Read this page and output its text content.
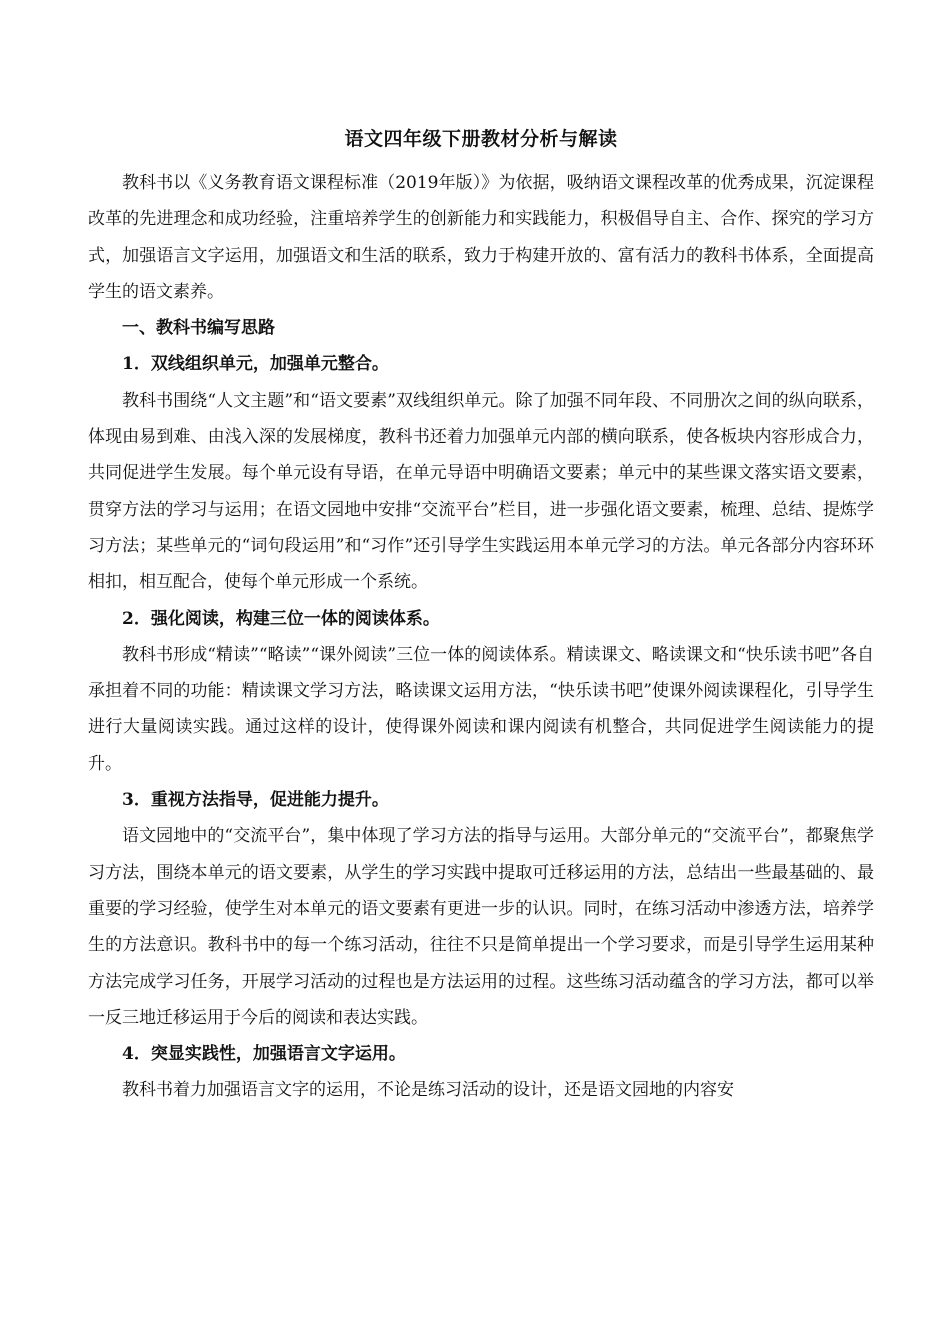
语文四年级下册教材分析与解读

教科书以《义务教育语文课程标准（2019年版）》为依据，吸纳语文课程改革的优秀成果，沉淀课程改革的先进理念和成功经验，注重培养学生的创新能力和实践能力，积极倡导自主、合作、探究的学习方式，加强语言文字运用，加强语文和生活的联系，致力于构建开放的、富有活力的教科书体系，全面提高学生的语文素养。

一、教科书编写思路

1．双线组织单元，加强单元整合。

教科书围绕“人文主题”和“语文要素”双线组织单元。除了加强不同年段、不同册次之间的纵向联系，体现由易到难、由浅入深的发展梯度，教科书还着力加强单元内部的横向联系，使各板块内容形成合力，共同促进学生发展。每个单元设有导语，在单元导语中明确语文要素；单元中的某些课文落实语文要素，贯穿方法的学习与运用；在语文园地中安排“交流平台”栏目，进一步强化语文要素，梳理、总结、提炼学习方法；某些单元的“词句段运用”和“习作”还引导学生实践运用本单元学习的方法。单元各部分内容环环相扣，相互配合，使每个单元形成一个系统。

2．强化阅读，构建三位一体的阅读体系。

教科书形成“精读”“略读”“课外阅读”三位一体的阅读体系。精读课文、略读课文和“快乐读书吧”各自承担着不同的功能：精读课文学习方法，略读课文运用方法，“快乐读书吧”使课外阅读课程化，引导学生进行大量阅读实践。通过这样的设计，使得课外阅读和课内阅读有机整合，共同促进学生阅读能力的提升。

3．重视方法指导，促进能力提升。

语文园地中的“交流平台”，集中体现了学习方法的指导与运用。大部分单元的“交流平台”，都聚焦学习方法，围绕本单元的语文要素，从学生的学习实践中提取可迁移运用的方法，总结出一些最基础的、最重要的学习经验，使学生对本单元的语文要素有更进一步的认识。同时，在练习活动中渗透方法，培养学生的方法意识。教科书中的每一个练习活动，往往不只是简单提出一个学习要求，而是引导学生运用某种方法完成学习任务，开展学习活动的过程也是方法运用的过程。这些练习活动蕴含的学习方法，都可以举一反三地迁移运用于今后的阅读和表达实践。

4．突显实践性，加强语言文字运用。

教科书着力加强语言文字的运用，不论是练习活动的设计，还是语文园地的内容安
